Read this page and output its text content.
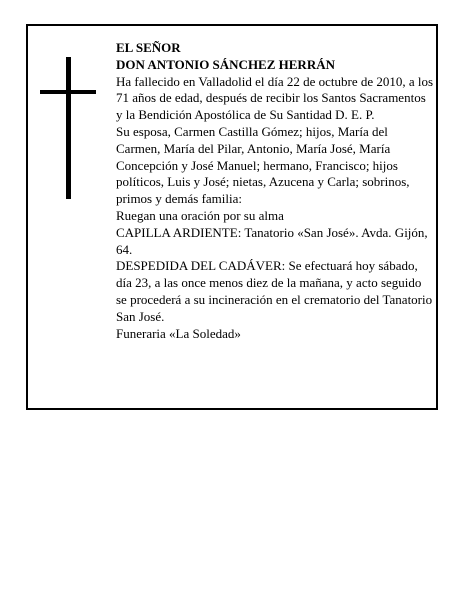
EL SEÑOR

DON ANTONIO SÁNCHEZ HERRÁN

Ha fallecido en Valladolid el día 22 de octubre de 2010, a los 71 años de edad, después de recibir los Santos Sacramentos y la Bendición Apostólica de Su Santidad D. E. P.

Su esposa, Carmen Castilla Gómez; hijos, María del Carmen, María del Pilar, Antonio, María José, María Concepción y José Manuel; hermano, Francisco; hijos políticos, Luis y José; nietas, Azucena y Carla; sobrinos, primos y demás familia:

Ruegan una oración por su alma

CAPILLA ARDIENTE: Tanatorio «San José». Avda. Gijón, 64.

DESPEDIDA DEL CADÁVER: Se efectuará hoy sábado, día 23, a las once menos diez de la mañana, y acto seguido se procederá a su incineración en el crematorio del Tanatorio San José.

Funeraria «La Soledad»
